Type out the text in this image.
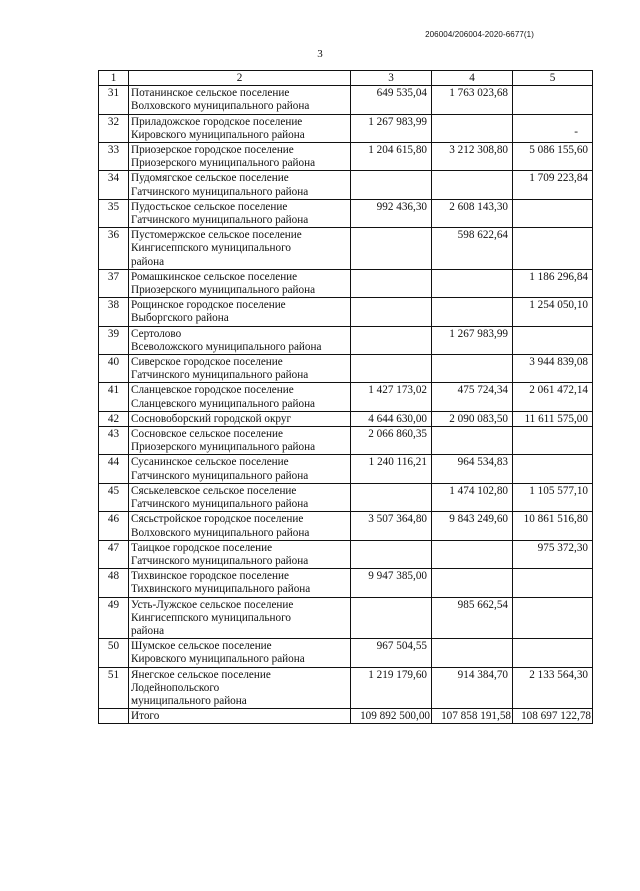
206004/206004-2020-6677(1)
3
1	2	3	4	5
31	Потанинское сельское поселение
Волховского муниципального района	649 535,04	1 763 023,68	
32	Приладожское городское поселение
Кировского муниципального района	1 267 983,99		-
33	Приозерское городское поселение
Приозерского муниципального района	1 204 615,80	3 212 308,80	5 086 155,60
34	Пудомягское сельское поселение
Гатчинского муниципального района			1 709 223,84
35	Пудостьское сельское поселение
Гатчинского муниципального района	992 436,30	2 608 143,30	
36	Пустомержское сельское поселение
Кингисеппского муниципального
района		598 622,64	
37	Ромашкинское сельское поселение
Приозерского муниципального района			1 186 296,84
38	Рощинское городское поселение
Выборгского района			1 254 050,10
39	Сертолово
Всеволожского муниципального района		1 267 983,99	
40	Сиверское городское поселение
Гатчинского муниципального района			3 944 839,08
41	Сланцевское городское поселение
Сланцевского муниципального района	1 427 173,02	475 724,34	2 061 472,14
42	Сосновоборский городской округ	4 644 630,00	2 090 083,50	11 611 575,00
43	Сосновское сельское поселение
Приозерского муниципального района	2 066 860,35		
44	Сусанинское сельское поселение
Гатчинского муниципального района	1 240 116,21	964 534,83	
45	Сяськелевское сельское поселение
Гатчинского муниципального района		1 474 102,80	1 105 577,10
46	Сясьстройское городское поселение
Волховского муниципального района	3 507 364,80	9 843 249,60	10 861 516,80
47	Таицкое городское поселение
Гатчинского муниципального района			975 372,30
48	Тихвинское городское поселение
Тихвинского муниципального района	9 947 385,00		
49	Усть-Лужское сельское поселение
Кингисеппского муниципального
района		985 662,54	
50	Шумское сельское поселение
Кировского муниципального района	967 504,55		
51	Янегское сельское поселение
Лодейнопольского
муниципального района	1 219 179,60	914 384,70	2 133 564,30
	Итого	109 892 500,00	107 858 191,58	108 697 122,78
